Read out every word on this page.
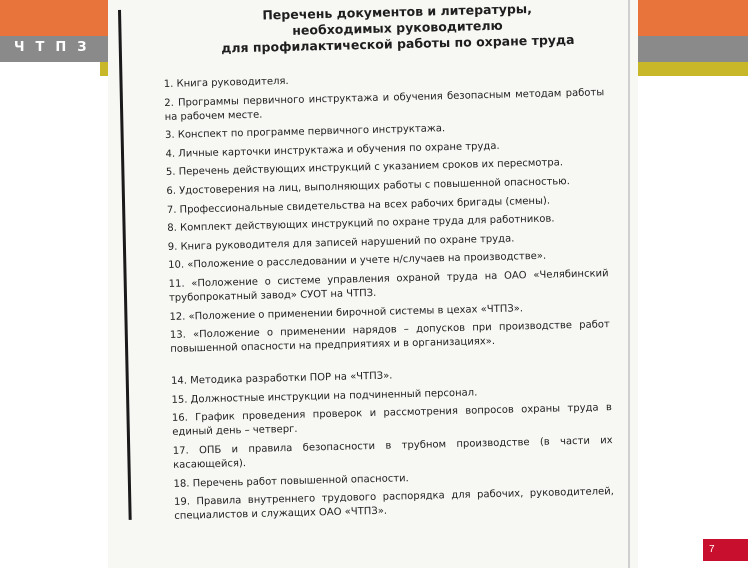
ЧТПЗ
Перечень документов и литературы,
необходимых руководителю
для профилактической работы по охране труда
1. Книга руководителя.
2. Программы первичного инструктажа и обучения безопасным методам работы на рабочем месте.
3. Конспект по программе первичного инструктажа.
4. Личные карточки инструктажа и обучения по охране труда.
5. Перечень действующих инструкций с указанием сроков их пересмотра.
6. Удостоверения на лиц, выполняющих работы с повышенной опасностью.
7. Профессиональные свидетельства на всех рабочих бригады (смены).
8. Комплект действующих инструкций по охране труда для работников.
9. Книга руководителя для записей нарушений по охране труда.
10. «Положение о расследовании и учете н/случаев на производстве».
11. «Положение о системе управления охраной труда на ОАО «Челябинский трубопрокатный завод» СУОТ на ЧТПЗ.
12. «Положение о применении бирочной системы в цехах «ЧТПЗ».
13. «Положение о применении нарядов – допусков при производстве работ повышенной опасности на предприятиях и в организациях».
14. Методика разработки ПОР на «ЧТПЗ».
15. Должностные инструкции на подчиненный персонал.
16. График проведения проверок и рассмотрения вопросов охраны труда в единый день – четверг.
17. ОПБ и правила безопасности в трубном производстве (в части их касающейся).
18. Перечень работ повышенной опасности.
19. Правила внутреннего трудового распорядка для рабочих, руководителей, специалистов и служащих ОАО «ЧТПЗ».
7
